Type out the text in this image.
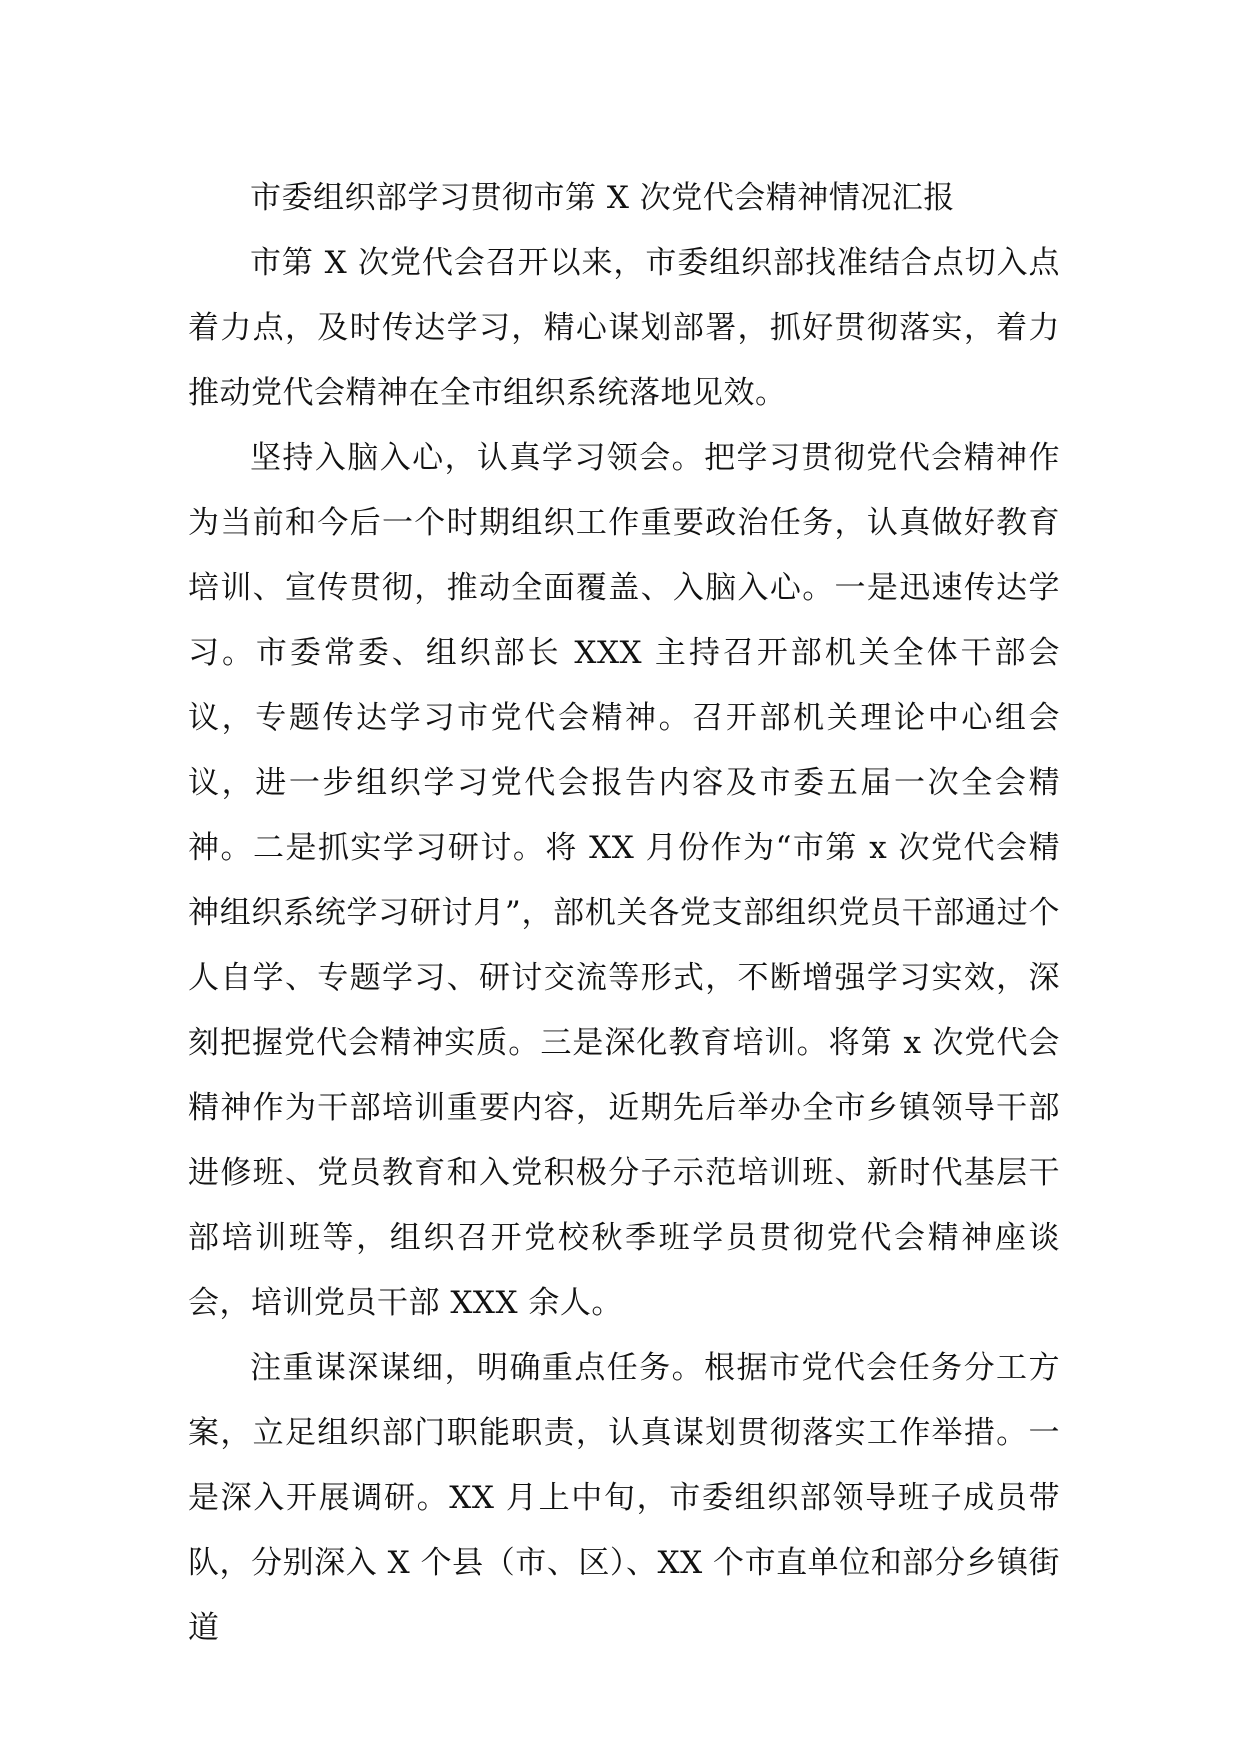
市委组织部学习贯彻市第 X 次党代会精神情况汇报

市第 X 次党代会召开以来，市委组织部找准结合点切入点着力点，及时传达学习，精心谋划部署，抓好贯彻落实，着力推动党代会精神在全市组织系统落地见效。

坚持入脑入心，认真学习领会。把学习贯彻党代会精神作为当前和今后一个时期组织工作重要政治任务，认真做好教育培训、宣传贯彻，推动全面覆盖、入脑入心。一是迅速传达学习。市委常委、组织部长 XXX 主持召开部机关全体干部会议，专题传达学习市党代会精神。召开部机关理论中心组会议，进一步组织学习党代会报告内容及市委五届一次全会精神。二是抓实学习研讨。将 XX 月份作为“市第 x 次党代会精神组织系统学习研讨月”，部机关各党支部组织党员干部通过个人自学、专题学习、研讨交流等形式，不断增强学习实效，深刻把握党代会精神实质。三是深化教育培训。将第 x 次党代会精神作为干部培训重要内容，近期先后举办全市乡镇领导干部进修班、党员教育和入党积极分子示范培训班、新时代基层干部培训班等，组织召开党校秋季班学员贯彻党代会精神座谈会，培训党员干部 XXX 余人。

注重谋深谋细，明确重点任务。根据市党代会任务分工方案，立足组织部门职能职责，认真谋划贯彻落实工作举措。一是深入开展调研。XX 月上中旬，市委组织部领导班子成员带队，分别深入 X 个县（市、区）、XX 个市直单位和部分乡镇街道
